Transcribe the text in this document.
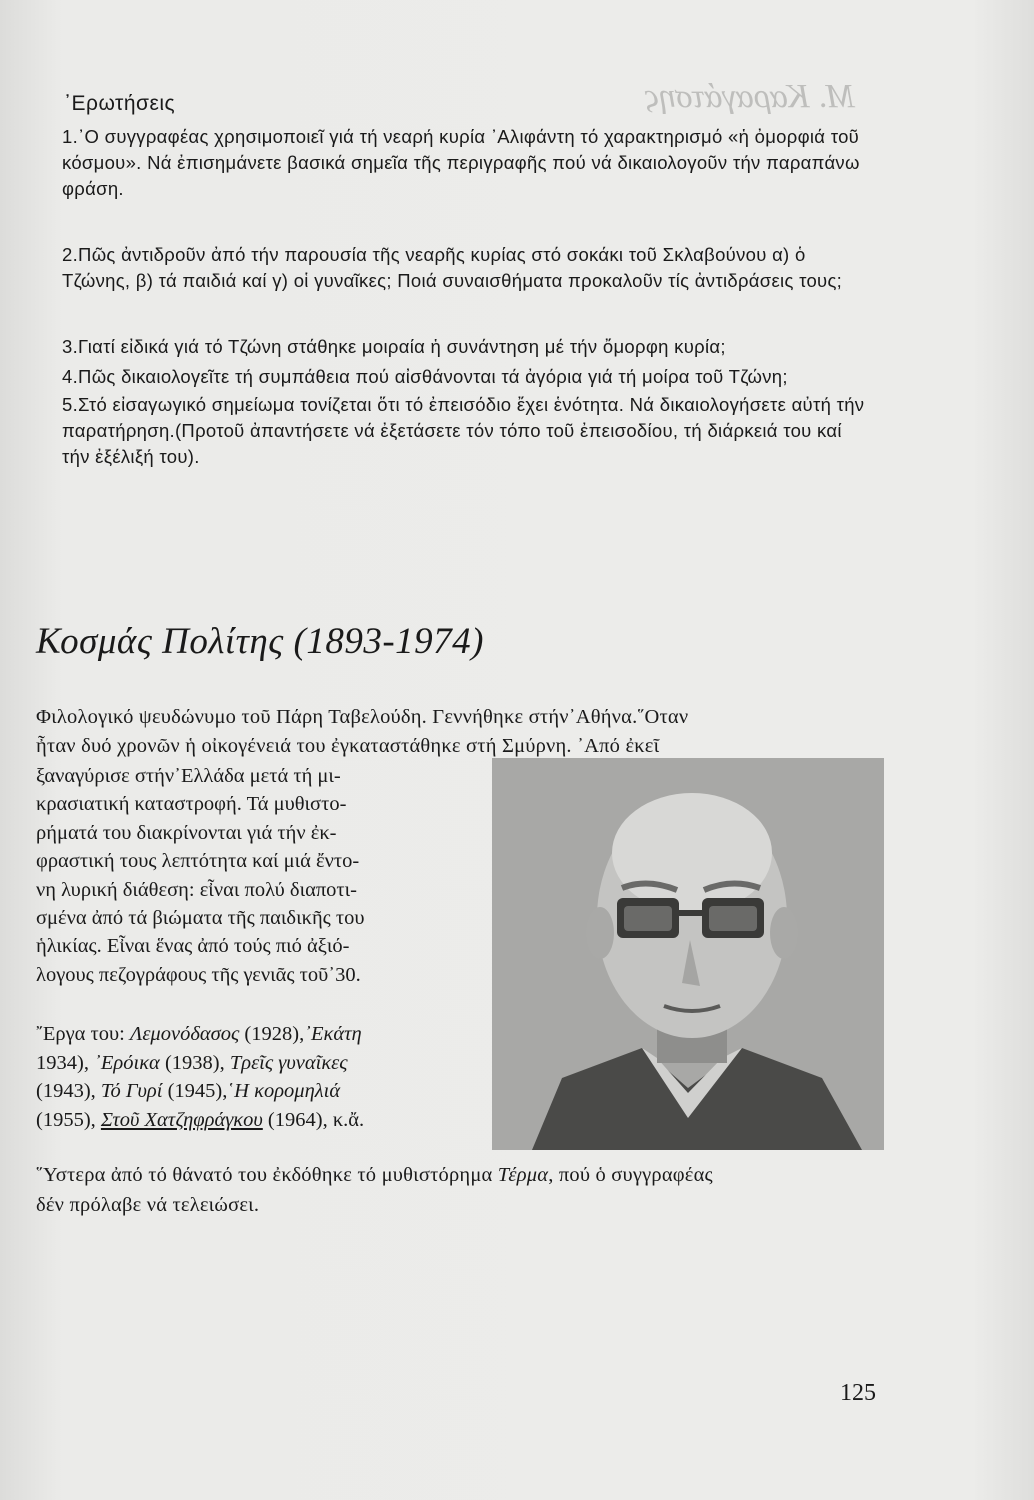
Μ. Καραγάτσης
᾿Ερωτήσεις

1.᾿Ο συγγραφέας χρησιμοποιεῖ γιά τή νεαρή κυρία ᾿Αλιφάντη τό χαρακτηρισμό «ἡ ὀμορφιά τοῦ κόσμου». Νά ἐπισημάνετε βασικά σημεῖα τῆς περιγραφῆς πού νά δικαιολογοῦν τήν παραπάνω φράση.

2.Πῶς ἀντιδροῦν ἀπό τήν παρουσία τῆς νεαρῆς κυρίας στό σοκάκι τοῦ Σκλαβούνου α) ὁ Τζώνης, β) τά παιδιά καί γ) οἱ γυναῖκες; Ποιά συναισθήματα προκαλοῦν τίς ἀντιδράσεις τους;

3.Γιατί εἰδικά γιά τό Τζώνη στάθηκε μοιραία ἡ συνάντηση μέ τήν ὄμορφη κυρία;

4.Πῶς δικαιολογεῖτε τή συμπάθεια πού αἰσθάνονται τά ἀγόρια γιά τή μοίρα τοῦ Τζώνη;

5.Στό εἰσαγωγικό σημείωμα τονίζεται ὅτι τό ἐπεισόδιο ἔχει ἑνότητα. Νά δικαιολογήσετε αὐτή τήν παρατήρηση.(Προτοῦ ἀπαντήσετε νά ἐξετάσετε τόν τόπο τοῦ ἐπεισοδίου, τή διάρκειά του καί τήν ἐξέλιξή του).

Κοσμάς Πολίτης (1893-1974)
Φιλολογικό ψευδώνυμο τοῦ Πάρη Ταβελούδη. Γεννήθηκε στήν᾿Αθήνα.῞Οταν
ἦταν δυό χρονῶν ἡ οἰκογένειά του ἐγκαταστάθηκε στή Σμύρνη. ᾿Από ἐκεῖ

ξαναγύρισε στήν᾿Ελλάδα μετά τή μι-

κρασιατική καταστροφή. Τά μυθιστο-

ρήματά του διακρίνονται γιά τήν ἐκ-

φραστική τους λεπτότητα καί μιά ἔντο-

νη λυρική διάθεση: εἶναι πολύ διαποτι-

σμένα ἀπό τά βιώματα τῆς παιδικῆς του

ἡλικίας. Εἶναι ἕνας ἀπό τούς πιό ἀξιό-

λογους πεζογράφους τῆς γενιᾶς τοῦ᾿30.

῎Εργα του: Λεμονόδασος (1928),᾿Εκάτη
1934), ᾿Ερόικα (1938), Τρεῖς γυναῖκες
(1943), Τό Γυρί (1945),῾Η κορομηλιά
(1955), Στοῦ Χατζηφράγκου (1964), κ.ἄ.
῞Υστερα ἀπό τό θάνατό του ἐκδόθηκε τό μυθιστόρημα Τέρμα, πού ὁ συγγραφέας
δέν πρόλαβε νά τελειώσει.
125
